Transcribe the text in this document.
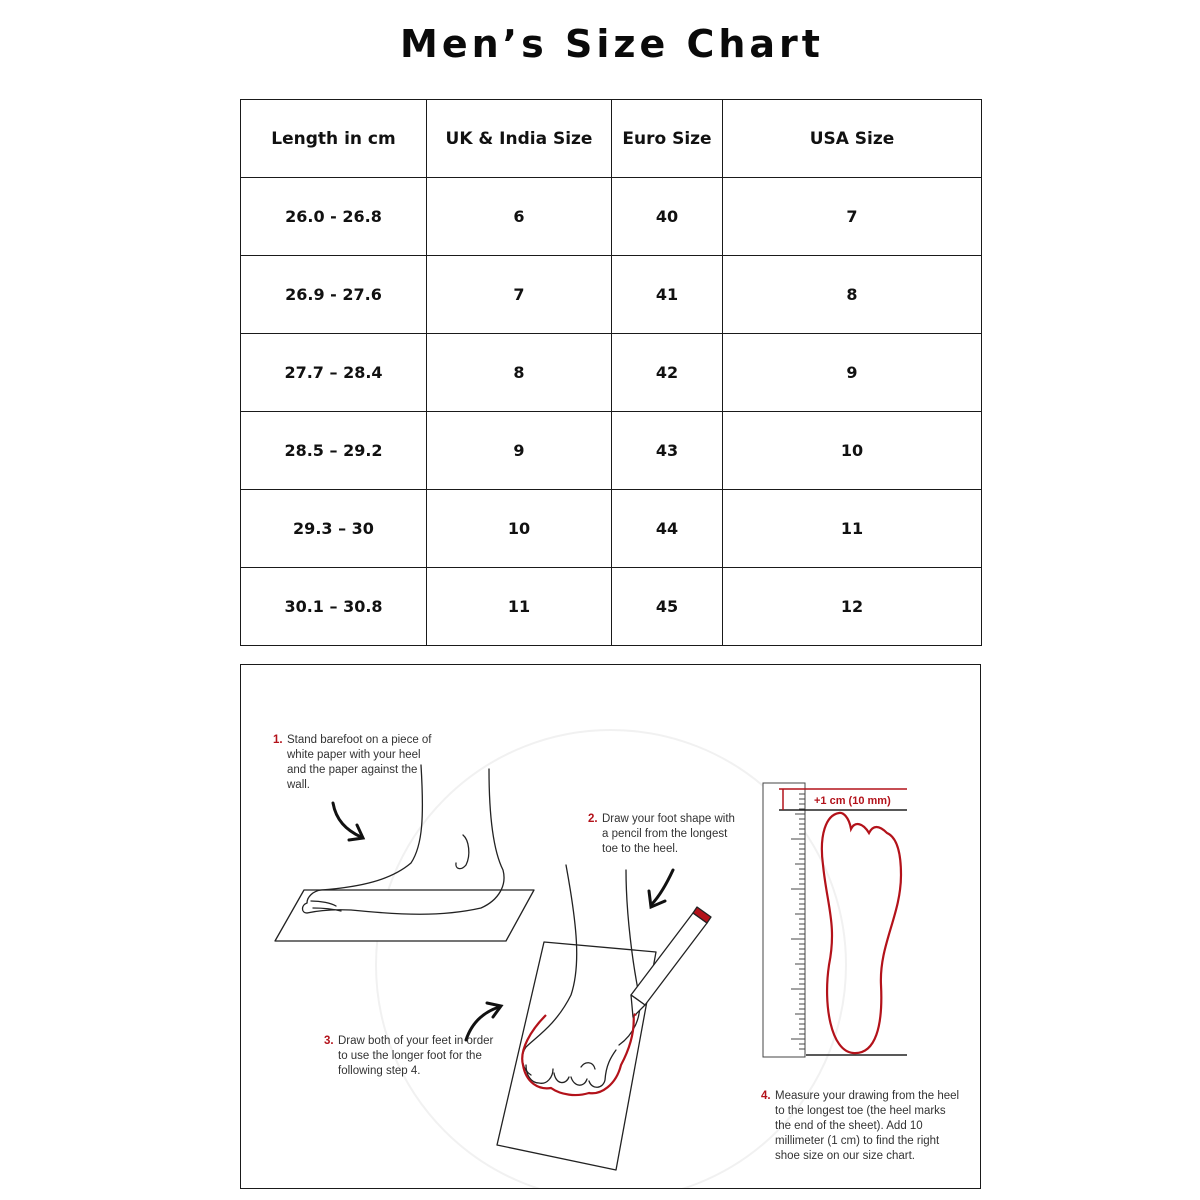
Men’s Size Chart
Length in cm	UK & India Size	Euro Size	USA Size
26.0 - 26.8	6	40	7
26.9 - 27.6	7	41	8
27.7 – 28.4	8	42	9
28.5 – 29.2	9	43	10
29.3 – 30	10	44	11
30.1 – 30.8	11	45	12

1. Stand barefoot on a piece of white paper with your heel and the paper against the wall.

2. Draw your foot shape with a pencil from the longest toe to the heel.

3. Draw both of your feet in order to use the longer foot for the following step 4.

4. Measure your drawing from the heel to the longest toe (the heel marks the end of the sheet). Add 10 millimeter (1 cm) to find the right shoe size on our size chart.

+1 cm (10 mm)
